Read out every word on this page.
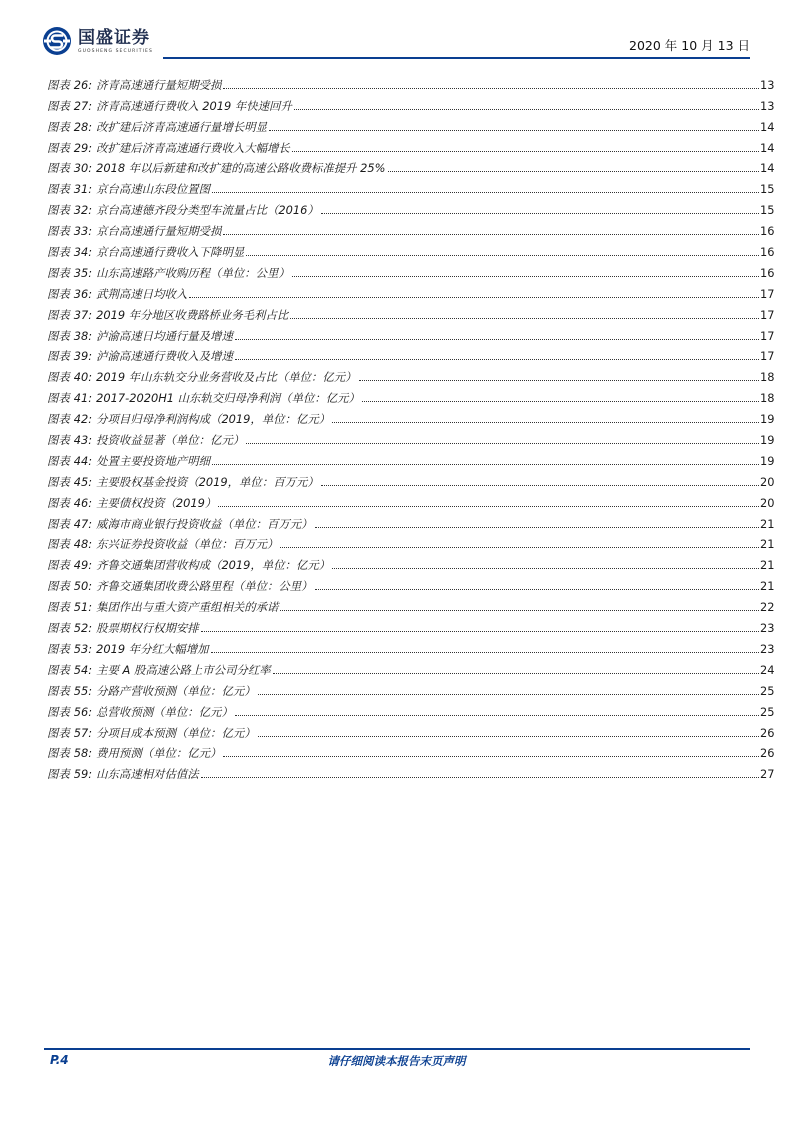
国盛证券
GUOSHENG SECURITIES	2020 年 10 月 13 日
图表 26: 济青高速通行量短期受损	13
图表 27: 济青高速通行费收入 2019 年快速回升	13
图表 28: 改扩建后济青高速通行量增长明显	14
图表 29: 改扩建后济青高速通行费收入大幅增长	14
图表 30: 2018 年以后新建和改扩建的高速公路收费标准提升 25%	14
图表 31: 京台高速山东段位置图	15
图表 32: 京台高速德齐段分类型车流量占比（2016）	15
图表 33: 京台高速通行量短期受损	16
图表 34: 京台高速通行费收入下降明显	16
图表 35: 山东高速路产收购历程（单位：公里）	16
图表 36: 武荆高速日均收入	17
图表 37: 2019 年分地区收费路桥业务毛利占比	17
图表 38: 泸渝高速日均通行量及增速	17
图表 39: 泸渝高速通行费收入及增速	17
图表 40: 2019 年山东轨交分业务营收及占比（单位：亿元）	18
图表 41: 2017-2020H1 山东轨交归母净利润（单位：亿元）	18
图表 42: 分项目归母净利润构成（2019，单位：亿元）	19
图表 43: 投资收益显著（单位：亿元）	19
图表 44: 处置主要投资地产明细	19
图表 45: 主要股权基金投资（2019，单位：百万元）	20
图表 46: 主要债权投资（2019）	20
图表 47: 威海市商业银行投资收益（单位：百万元）	21
图表 48: 东兴证券投资收益（单位：百万元）	21
图表 49: 齐鲁交通集团营收构成（2019，单位：亿元）	21
图表 50: 齐鲁交通集团收费公路里程（单位：公里）	21
图表 51: 集团作出与重大资产重组相关的承诺	22
图表 52: 股票期权行权期安排	23
图表 53: 2019 年分红大幅增加	23
图表 54: 主要 A 股高速公路上市公司分红率	24
图表 55: 分路产营收预测（单位：亿元）	25
图表 56: 总营收预测（单位：亿元）	25
图表 57: 分项目成本预测（单位：亿元）	26
图表 58: 费用预测（单位：亿元）	26
图表 59: 山东高速相对估值法	27
P.4	请仔细阅读本报告末页声明
